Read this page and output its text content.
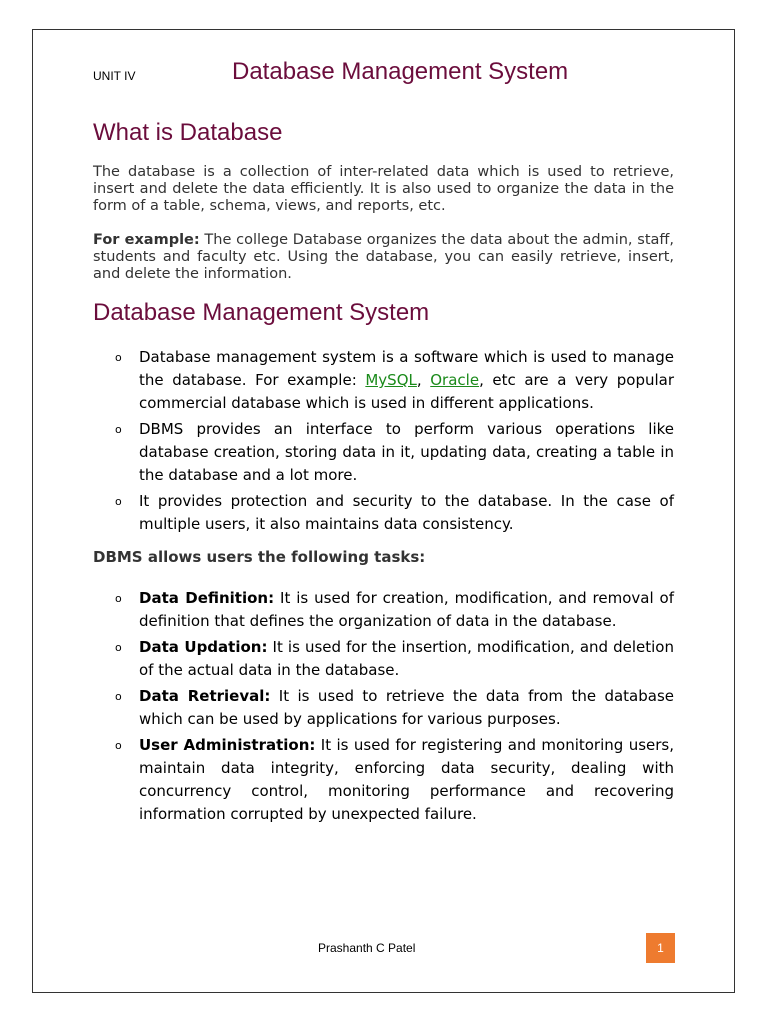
UNIT IV	Database Management System
What is Database

The database is a collection of inter-related data which is used to retrieve, insert and delete the data efficiently. It is also used to organize the data in the form of a table, schema, views, and reports, etc.

For example: The college Database organizes the data about the admin, staff, students and faculty etc. Using the database, you can easily retrieve, insert, and delete the information.

Database Management System
o Database management system is a software which is used to manage the database. For example: MySQL, Oracle, etc are a very popular commercial database which is used in different applications.
o DBMS provides an interface to perform various operations like database creation, storing data in it, updating data, creating a table in the database and a lot more.
o It provides protection and security to the database. In the case of multiple users, it also maintains data consistency.

DBMS allows users the following tasks:

o Data Definition: It is used for creation, modification, and removal of definition that defines the organization of data in the database.
o Data Updation: It is used for the insertion, modification, and deletion of the actual data in the database.
o Data Retrieval: It is used to retrieve the data from the database which can be used by applications for various purposes.
o User Administration: It is used for registering and monitoring users, maintain data integrity, enforcing data security, dealing with concurrency control, monitoring performance and recovering information corrupted by unexpected failure.
Prashanth C Patel	1
